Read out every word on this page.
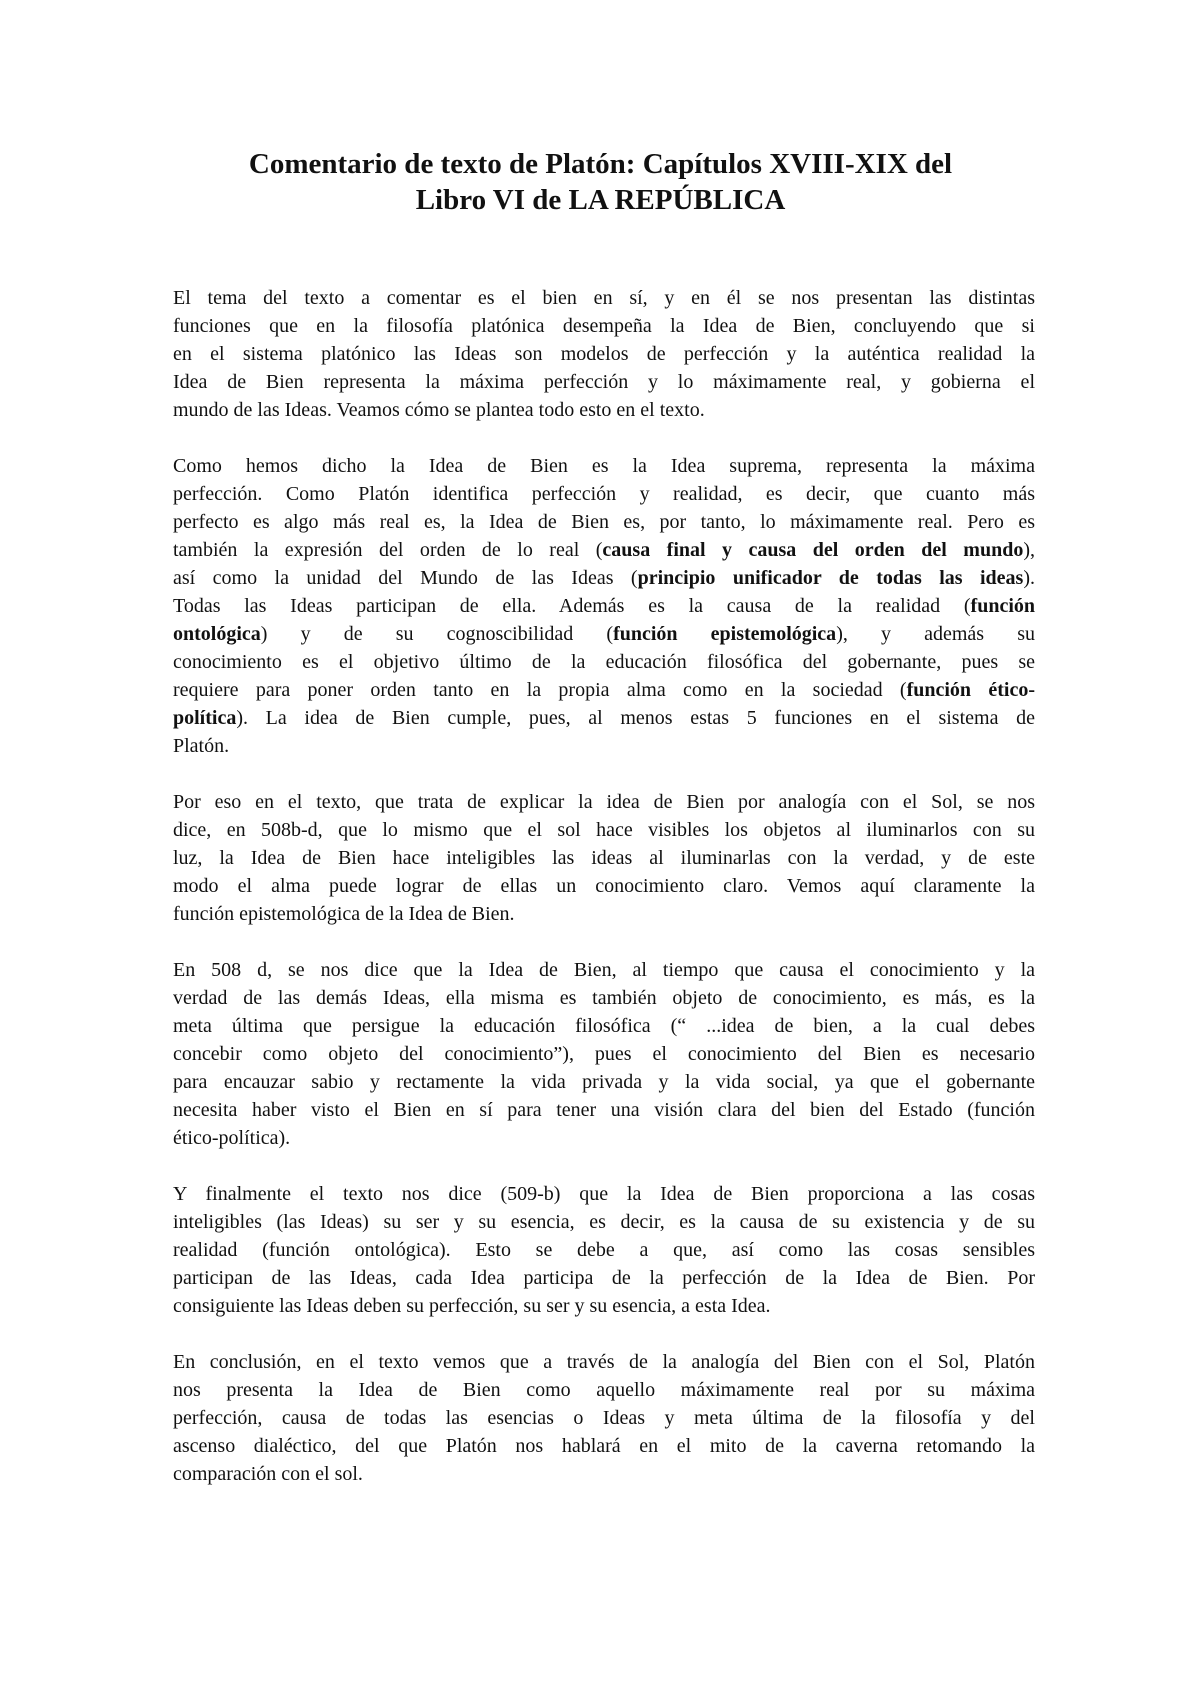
Comentario de texto de Platón: Capítulos XVIII-XIX del
Libro VI de LA REPÚBLICA

El tema del texto a comentar es el bien en sí, y en él se nos presentan las distintas
funciones que en la filosofía platónica desempeña la Idea de Bien, concluyendo que si
en el sistema platónico las Ideas son modelos de perfección y la auténtica realidad la
Idea de Bien representa la máxima perfección y lo máximamente real, y gobierna el
mundo de las Ideas. Veamos cómo se plantea todo esto en el texto.

Como hemos dicho la Idea de Bien es la Idea suprema, representa la máxima
perfección. Como Platón identifica perfección y realidad, es decir, que cuanto más
perfecto es algo más real es, la Idea de Bien es, por tanto, lo máximamente real. Pero es
también la expresión del orden de lo real (causa final y causa del orden del mundo),
así como la unidad del Mundo de las Ideas (principio unificador de todas las ideas).
Todas las Ideas participan de ella. Además es la causa de la realidad (función
ontológica) y de su cognoscibilidad (función epistemológica), y además su
conocimiento es el objetivo último de la educación filosófica del gobernante, pues se
requiere para poner orden tanto en la propia alma como en la sociedad (función ético-
política). La idea de Bien cumple, pues, al menos estas 5 funciones en el sistema de
Platón.

Por eso en el texto, que trata de explicar la idea de Bien por analogía con el Sol, se nos
dice, en 508b-d, que lo mismo que el sol hace visibles los objetos al iluminarlos con su
luz, la Idea de Bien hace inteligibles las ideas al iluminarlas con la verdad, y de este
modo el alma puede lograr de ellas un conocimiento claro. Vemos aquí claramente la
función epistemológica de la Idea de Bien.

En 508 d, se nos dice que la Idea de Bien, al tiempo que causa el conocimiento y la
verdad de las demás Ideas, ella misma es también objeto de conocimiento, es más, es la
meta última que persigue la educación filosófica (“ ...idea de bien, a la cual debes
concebir como objeto del conocimiento”), pues el conocimiento del Bien es necesario
para encauzar sabio y rectamente la vida privada y la vida social, ya que el gobernante
necesita haber visto el Bien en sí para tener una visión clara del bien del Estado (función
ético-política).

Y finalmente el texto nos dice (509-b) que la Idea de Bien proporciona a las cosas
inteligibles (las Ideas) su ser y su esencia, es decir, es la causa de su existencia y de su
realidad (función ontológica). Esto se debe a que, así como las cosas sensibles
participan de las Ideas, cada Idea participa de la perfección de la Idea de Bien. Por
consiguiente las Ideas deben su perfección, su ser y su esencia, a esta Idea.

En conclusión, en el texto vemos que a través de la analogía del Bien con el Sol, Platón
nos presenta la Idea de Bien como aquello máximamente real por su máxima
perfección, causa de todas las esencias o Ideas y meta última de la filosofía y del
ascenso dialéctico, del que Platón nos hablará en el mito de la caverna retomando la
comparación con el sol.
